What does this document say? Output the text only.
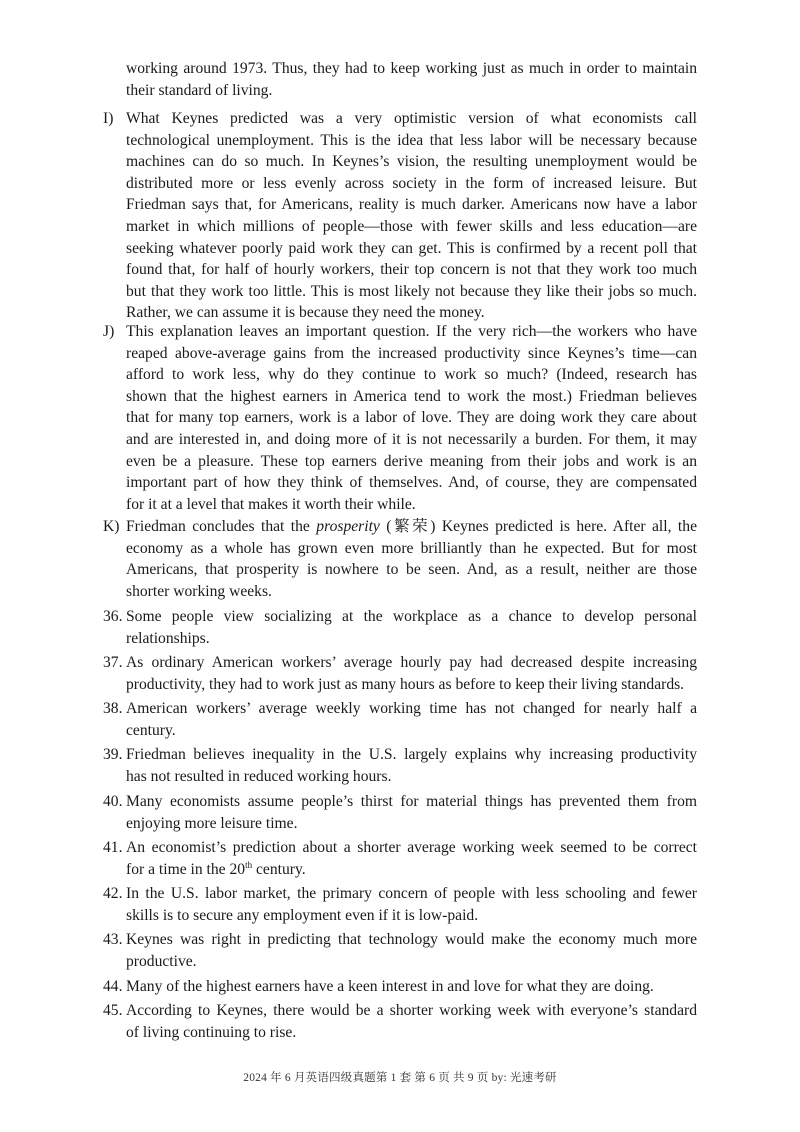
working around 1973. Thus, they had to keep working just as much in order to maintain
their standard of living.
I) What Keynes predicted was a very optimistic version of what economists call
technological unemployment. This is the idea that less labor will be necessary because
machines can do so much. In Keynes’s vision, the resulting unemployment would be
distributed more or less evenly across society in the form of increased leisure. But
Friedman says that, for Americans, reality is much darker. Americans now have a labor
market in which millions of people—those with fewer skills and less education—are
seeking whatever poorly paid work they can get. This is confirmed by a recent poll that
found that, for half of hourly workers, their top concern is not that they work too much
but that they work too little. This is most likely not because they like their jobs so much.
Rather, we can assume it is because they need the money.
J) This explanation leaves an important question. If the very rich—the workers who have
reaped above-average gains from the increased productivity since Keynes’s time—can
afford to work less, why do they continue to work so much? (Indeed, research has
shown that the highest earners in America tend to work the most.) Friedman believes
that for many top earners, work is a labor of love. They are doing work they care about
and are interested in, and doing more of it is not necessarily a burden. For them, it may
even be a pleasure. These top earners derive meaning from their jobs and work is an
important part of how they think of themselves. And, of course, they are compensated
for it at a level that makes it worth their while.
K) Friedman concludes that the prosperity (繁荣) Keynes predicted is here. After all, the
economy as a whole has grown even more brilliantly than he expected. But for most
Americans, that prosperity is nowhere to be seen. And, as a result, neither are those
shorter working weeks.
36. Some people view socializing at the workplace as a chance to develop personal
relationships.
37. As ordinary American workers’ average hourly pay had decreased despite increasing
productivity, they had to work just as many hours as before to keep their living standards.
38. American workers’ average weekly working time has not changed for nearly half a
century.
39. Friedman believes inequality in the U.S. largely explains why increasing productivity
has not resulted in reduced working hours.
40. Many economists assume people’s thirst for material things has prevented them from
enjoying more leisure time.
41. An economist’s prediction about a shorter average working week seemed to be correct
for a time in the 20th century.
42. In the U.S. labor market, the primary concern of people with less schooling and fewer
skills is to secure any employment even if it is low-paid.
43. Keynes was right in predicting that technology would make the economy much more
productive.
44. Many of the highest earners have a keen interest in and love for what they are doing.
45. According to Keynes, there would be a shorter working week with everyone’s standard
of living continuing to rise.
2024 年 6 月英语四级真题第 1 套 第 6 页 共 9 页 by: 光速考研
